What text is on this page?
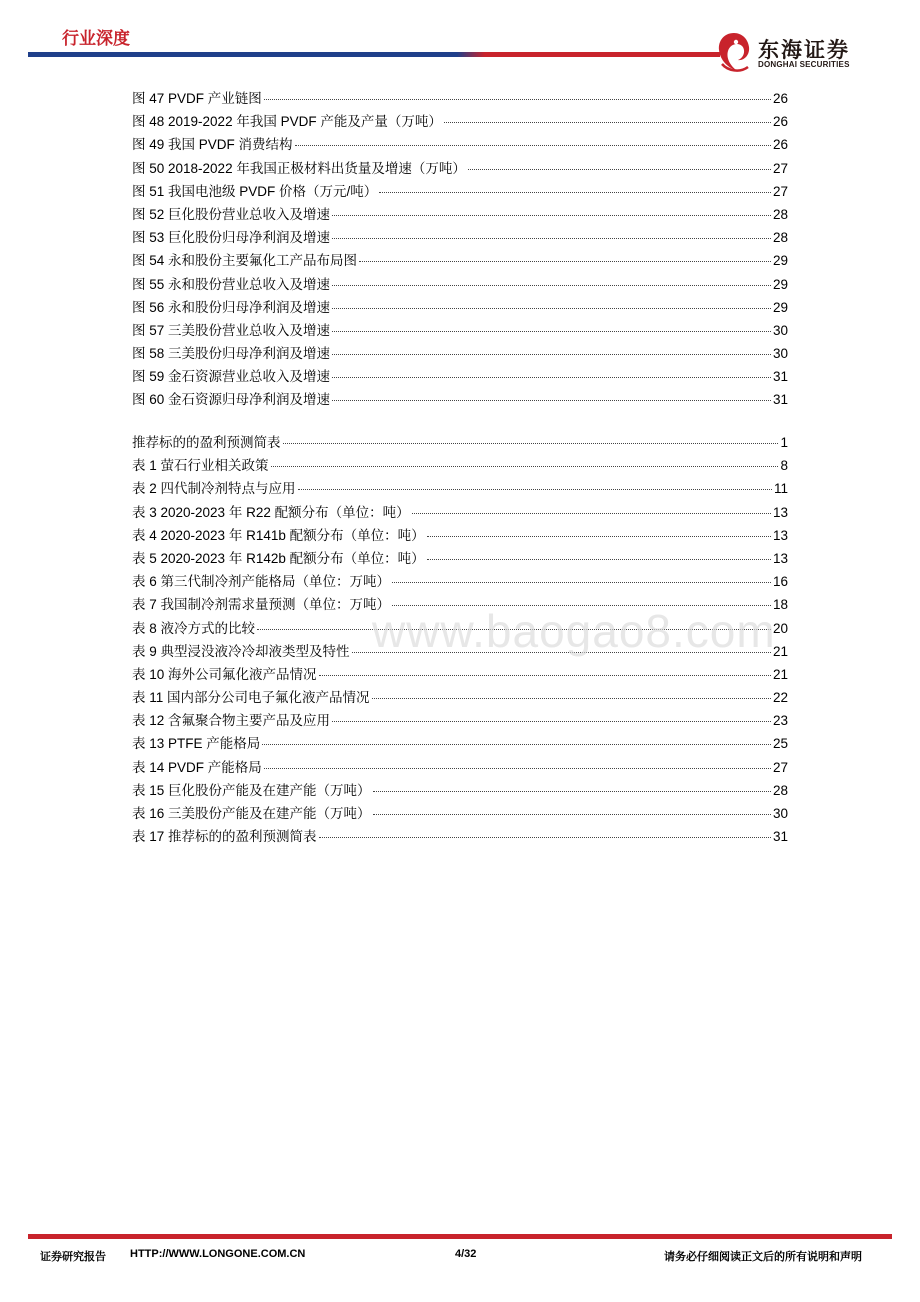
行业深度
东海证券
DONGHAI SECURITIES
图 47 PVDF 产业链图	26
图 48 2019-2022 年我国 PVDF 产能及产量（万吨）	26
图 49 我国 PVDF 消费结构	26
图 50 2018-2022 年我国正极材料出货量及增速（万吨）	27
图 51 我国电池级 PVDF 价格（万元/吨）	27
图 52 巨化股份营业总收入及增速	28
图 53 巨化股份归母净利润及增速	28
图 54 永和股份主要氟化工产品布局图	29
图 55 永和股份营业总收入及增速	29
图 56 永和股份归母净利润及增速	29
图 57 三美股份营业总收入及增速	30
图 58 三美股份归母净利润及增速	30
图 59 金石资源营业总收入及增速	31
图 60 金石资源归母净利润及增速	31
推荐标的的盈利预测简表	1
表 1 萤石行业相关政策	8
表 2 四代制冷剂特点与应用	11
表 3 2020-2023 年 R22 配额分布（单位：吨）	13
表 4 2020-2023 年 R141b 配额分布（单位：吨）	13
表 5 2020-2023 年 R142b 配额分布（单位：吨）	13
表 6 第三代制冷剂产能格局（单位：万吨）	16
表 7 我国制冷剂需求量预测（单位：万吨）	18
表 8 液冷方式的比较	20
表 9 典型浸没液冷冷却液类型及特性	21
表 10 海外公司氟化液产品情况	21
表 11 国内部分公司电子氟化液产品情况	22
表 12 含氟聚合物主要产品及应用	23
表 13 PTFE 产能格局	25
表 14 PVDF 产能格局	27
表 15 巨化股份产能及在建产能（万吨）	28
表 16 三美股份产能及在建产能（万吨）	30
表 17 推荐标的的盈利预测简表	31
www.baogao8.com
证券研究报告 HTTP://WWW.LONGONE.COM.CN	4/32	请务必仔细阅读正文后的所有说明和声明
